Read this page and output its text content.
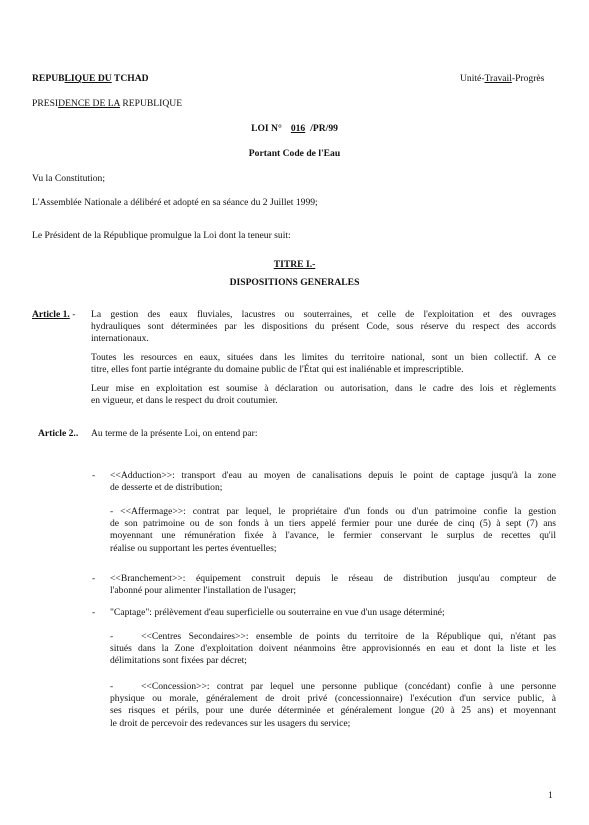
REPUBLIQUE DU TCHAD	Unité-Travail-Progrès
PRESIDENCE DE LA REPUBLIQUE
LOI N° 016 /PR/99
Portant Code de l'Eau
Vu la Constitution;
L'Assemblée Nationale a délibéré et adopté en sa séance du 2 Juillet 1999;
Le Président de la République promulgue la Loi dont la teneur suit:
TITRE I.-
DISPOSITIONS GENERALES
Article 1. - La gestion des eaux fluviales, lacustres ou souterraines, et celle de l'exploitation et des ouvrages

hydrauliques sont déterminées par les dispositions du présent Code, sous réserve du respect des accords

internationaux.

Toutes les resources en eaux, situées dans les limites du territoire national, sont un bien collectif. A ce

titre, elles font partie intégrante du domaine public de l'État qui est inaliénable et imprescriptible.

Leur mise en exploitation est soumise à déclaration ou autorisation, dans le cadre des lois et règlements

en vigueur, et dans le respect du droit coutumier.

Article 2.. Au terme de la présente Loi, on entend par:
- <<Adduction>>: transport d'eau au moyen de canalisations depuis le point de captage jusqu'à la zone

de desserte et de distribution;

- <<Affermage>>: contrat par lequel, le propriétaire d'un fonds ou d'un patrimoine confie la gestion

de son patrimoine ou de son fonds à un tiers appelé fermier pour une durée de cinq (5) à sept (7) ans

moyennant une rémunération fixée à l'avance, le fermier conservant le surplus de recettes qu'il

réalise ou supportant les pertes éventuelles;

- <<Branchement>>: équipement construit depuis le réseau de distribution jusqu'au compteur de

l'abonné pour alimenter l'installation de l'usager;

- "Captage": prélèvement d'eau superficielle ou souterraine en vue d'un usage déterminé;
-	<<Centres Secondaires>>: ensemble de points du territoire de la République qui, n'étant pas

situés dans la Zone d'exploitation doivent néanmoins être approvisionnés en eau et dont la liste et les

délimitations sont fixées par décret;

-	<<Concession>>: contrat par lequel une personne publique (concédant) confie à une personne

physique ou morale, généralement de droit privé (concessionnaire) l'exécution d'un service public, à

ses risques et périls, pour une durée déterminée et généralement longue (20 à 25 ans) et moyennant

le droit de percevoir des redevances sur les usagers du service;

1
